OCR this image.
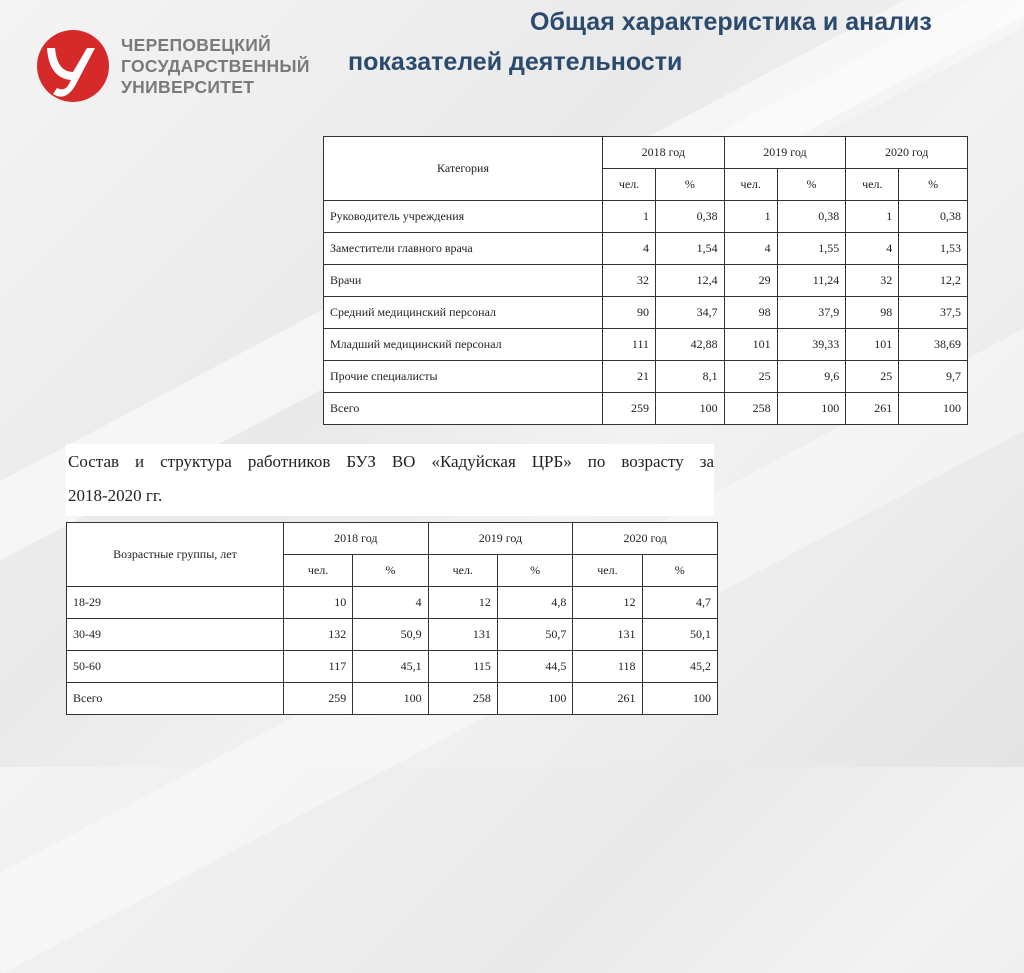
ЧЕРЕПОВЕЦКИЙ
ГОСУДАРСТВЕННЫЙ
УНИВЕРСИТЕТ
Общая характеристика и анализ
показателей деятельности
Категория	2018 год		2019 год		2020 год	
	чел.	%	чел.	%	чел.	%
Руководитель учреждения	1	0,38	1	0,38	1	0,38
Заместители главного врача	4	1,54	4	1,55	4	1,53
Врачи	32	12,4	29	11,24	32	12,2
Средний медицинский персонал	90	34,7	98	37,9	98	37,5
Младший медицинский персонал	111	42,88	101	39,33	101	38,69
Прочие специалисты	21	8,1	25	9,6	25	9,7
Всего	259	100	258	100	261	100
Состав и структура работников БУЗ ВО «Кадуйская ЦРБ» по возрасту за
2018-2020 гг.
Возрастные группы, лет	2018 год		2019 год		2020 год	
	чел.	%	чел.	%	чел.	%
18-29	10	4	12	4,8	12	4,7
30-49	132	50,9	131	50,7	131	50,1
50-60	117	45,1	115	44,5	118	45,2
Всего	259	100	258	100	261	100
